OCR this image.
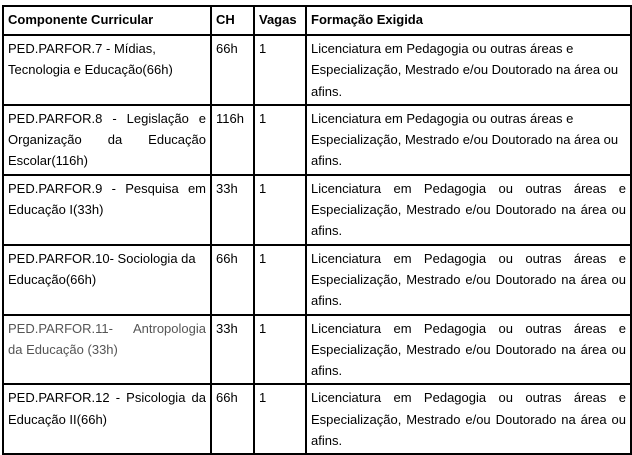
Componente Curricular	CH	Vagas	Formação Exigida
PED.PARFOR.7 - Mídias, Tecnologia e Educação(66h)	66h	1	Licenciatura em Pedagogia ou outras áreas e Especialização, Mestrado e/ou Doutorado na área ou afins.
PED.PARFOR.8 - Legislação e Organização da Educação Escolar(116h)	116h	1	Licenciatura em Pedagogia ou outras áreas e Especialização, Mestrado e/ou Doutorado na área ou afins.
PED.PARFOR.9 - Pesquisa em Educação I(33h)	33h	1	Licenciatura em Pedagogia ou outras áreas e Especialização, Mestrado e/ou Doutorado na área ou afins.
PED.PARFOR.10- Sociologia da Educação(66h)	66h	1	Licenciatura em Pedagogia ou outras áreas e Especialização, Mestrado e/ou Doutorado na área ou afins.
PED.PARFOR.11- Antropologia da Educação (33h)	33h	1	Licenciatura em Pedagogia ou outras áreas e Especialização, Mestrado e/ou Doutorado na área ou afins.
PED.PARFOR.12 - Psicologia da Educação II(66h)	66h	1	Licenciatura em Pedagogia ou outras áreas e Especialização, Mestrado e/ou Doutorado na área ou afins.
